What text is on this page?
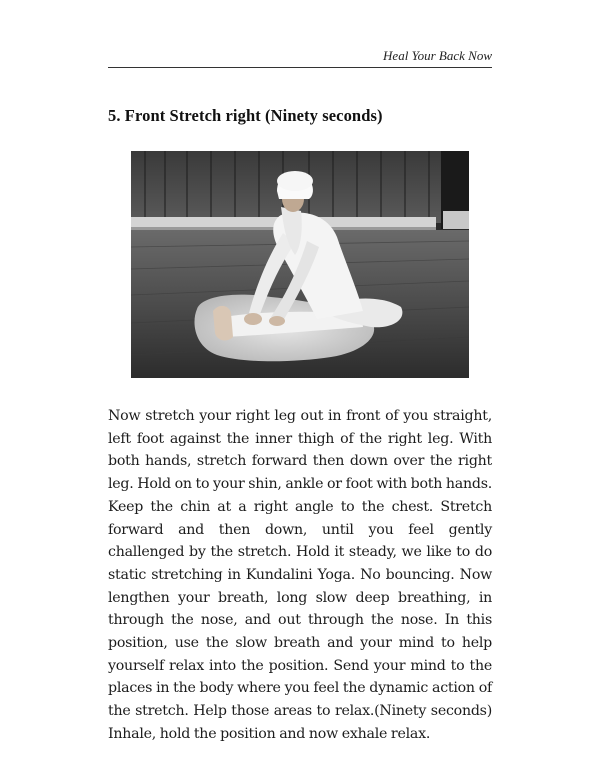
Heal Your Back Now
5. Front Stretch right (Ninety seconds)

Now stretch your right leg out in front of you straight, left foot against the inner thigh of the right leg. With both hands, stretch forward then down over the right leg. Hold on to your shin, ankle or foot with both hands. Keep the chin at a right angle to the chest. Stretch forward and then down, until you feel gently challenged by the stretch. Hold it steady, we like to do static stretching in Kundalini Yoga. No bouncing. Now lengthen your breath, long slow deep breathing, in through the nose, and out through the nose. In this position, use the slow breath and your mind to help yourself relax into the position. Send your mind to the places in the body where you feel the dynamic action of the stretch. Help those areas to relax.(Ninety seconds) Inhale, hold the position and now exhale relax.
